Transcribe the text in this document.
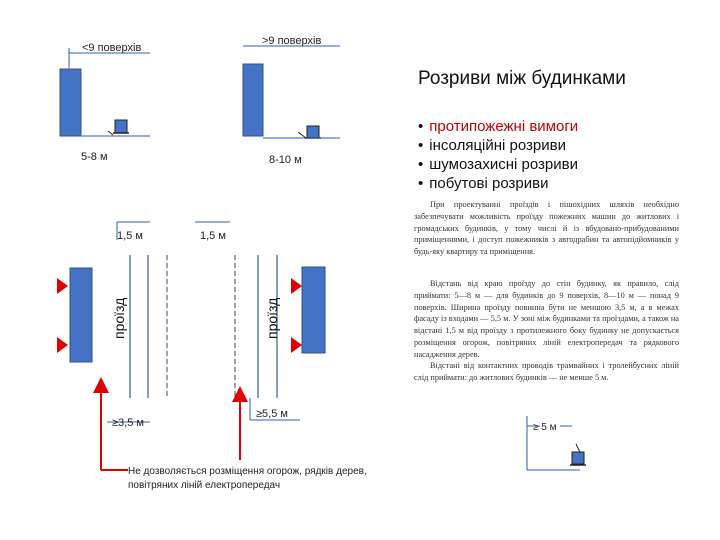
<9 поверхів
>9 поверхів
5-8 м	8-10 м
1,5 м	1,5 м
проїзд	проїзд
≥3,5 м
≥5,5 м
Не дозволяється розміщення огорож, рядків дерев, повітряних ліній електропередач
≥ 5 м
Розриви між будинками
• протипожежні вимоги
• інсоляційні розриви
• шумозахисні розриви
• побутові розриви

При проектуванні проїздів і пішохідних шляхів необхідно забезпечувати можливість проїзду пожежних машин до житлових і громадських будинків, у тому числі й із вбудовано-прибудованими приміщеннями, і доступ пожежників з автодрабин та автопідйомників у будь-яку квартиру та приміщення.

Відстань від краю проїзду до стін будинку, як правило, слід приймати: 5—8 м — для будинків до 9 поверхів, 8—10 м — понад 9 поверхів. Ширина проїзду повинна бути не меншою 3,5 м, а в межах фасаду із входами — 5,5 м. У зоні між будинками та проїздами, а також на відстані 1,5 м від проїзду з протилежного боку будинку не допускається розміщення огорож, повітряних ліній електропередач та рядкового насадження дерев.

Відстані від контактних проводів трамвайних і тролейбусних ліній слід приймати: до житлових будинків — не менше 5 м.
